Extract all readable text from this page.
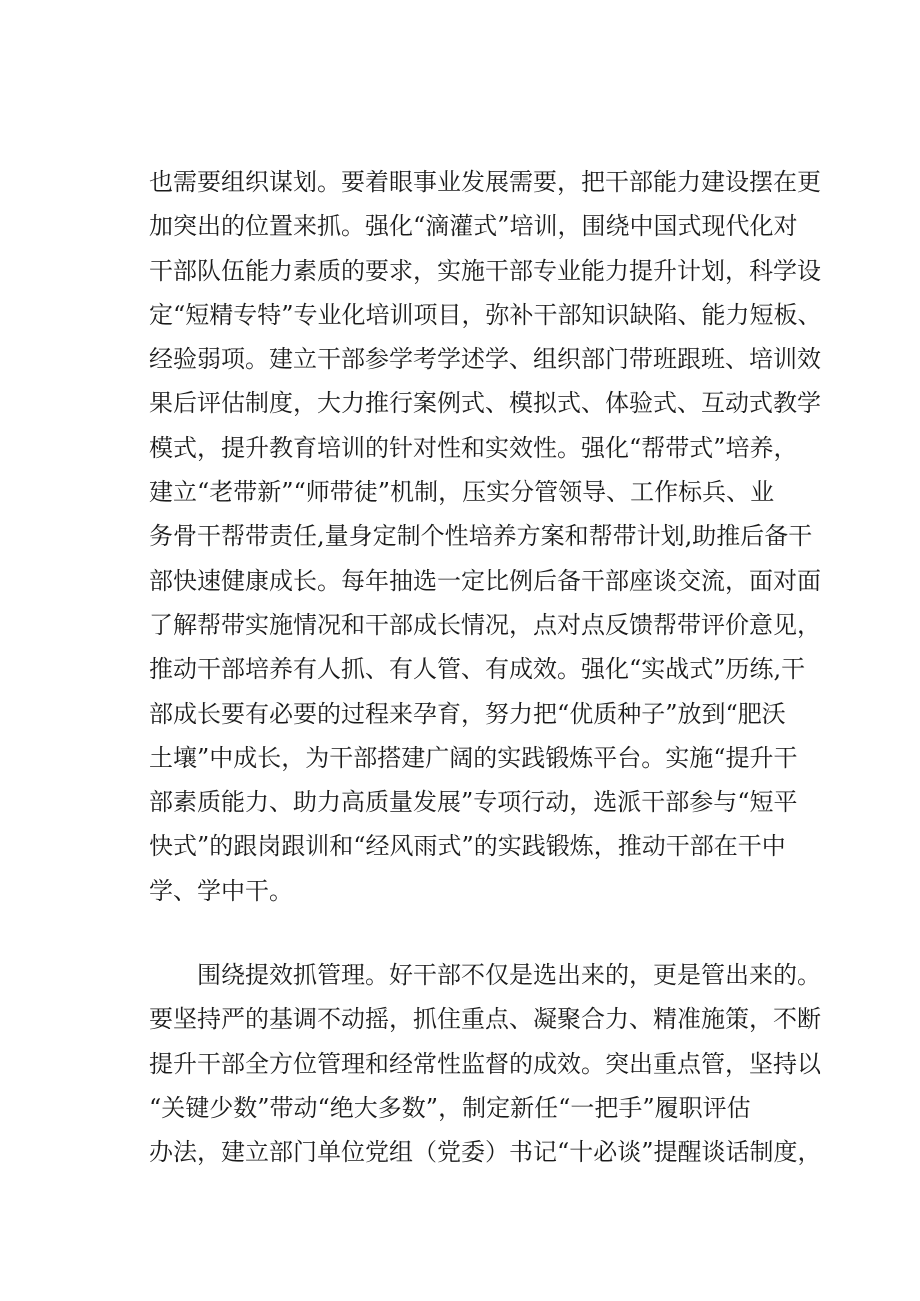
也需要组织谋划。要着眼事业发展需要，把干部能力建设摆在更
加突出的位置来抓。强化“滴灌式”培训，围绕中国式现代化对
干部队伍能力素质的要求，实施干部专业能力提升计划，科学设
定“短精专特”专业化培训项目，弥补干部知识缺陷、能力短板、
经验弱项。建立干部参学考学述学、组织部门带班跟班、培训效
果后评估制度，大力推行案例式、模拟式、体验式、互动式教学
模式，提升教育培训的针对性和实效性。强化“帮带式”培养，
建立“老带新”“师带徒”机制，压实分管领导、工作标兵、业
务骨干帮带责任,量身定制个性培养方案和帮带计划,助推后备干
部快速健康成长。每年抽选一定比例后备干部座谈交流，面对面
了解帮带实施情况和干部成长情况，点对点反馈帮带评价意见，
推动干部培养有人抓、有人管、有成效。强化“实战式”历练,干
部成长要有必要的过程来孕育，努力把“优质种子”放到“肥沃
土壤”中成长，为干部搭建广阔的实践锻炼平台。实施“提升干
部素质能力、助力高质量发展”专项行动，选派干部参与“短平
快式”的跟岗跟训和“经风雨式”的实践锻炼，推动干部在干中
学、学中干。
围绕提效抓管理。好干部不仅是选出来的，更是管出来的。
要坚持严的基调不动摇，抓住重点、凝聚合力、精准施策，不断
提升干部全方位管理和经常性监督的成效。突出重点管，坚持以
“关键少数”带动“绝大多数”，制定新任“一把手”履职评估
办法，建立部门单位党组（党委）书记“十必谈”提醒谈话制度，
